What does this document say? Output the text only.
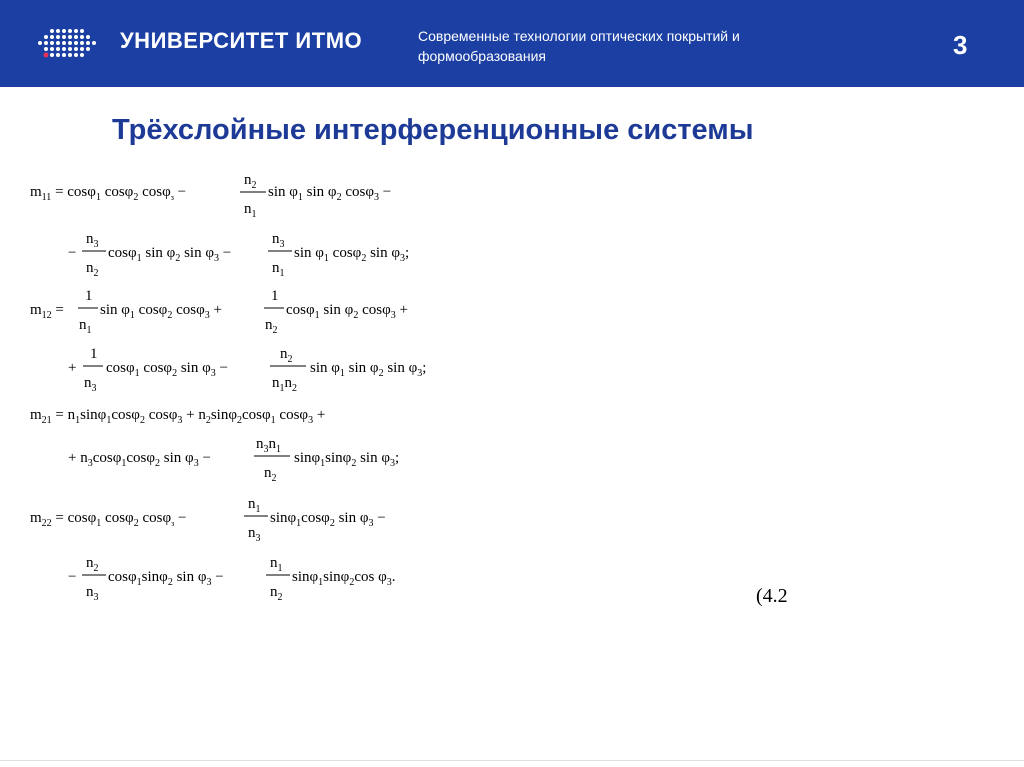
УНИВЕРСИТЕТ ИТМО	Современные технологии оптических покрытий и
формообразования	3
Трёхслойные интерференционные системы
$m_{11} = \cos\varphi_1$ cosφ$_2$ cosφ$_з$ −
$n_2$
$n_1$
$\sin \varphi_1$ $\sin \varphi_2$ cosφ$_3$ −
−
$n_3$
$n_2$
cosφ$_1$ $\sin \varphi_2$ $\sin \varphi_3$ −
$n_3$
$n_1$
$\sin \varphi_1$ cosφ$_2$ $\sin \varphi_3$;
$m_{12}$ =
1
$n_1$
$\sin \varphi_1$ cosφ$_2$ cosφ$_3$ +
1
$n_2$
cosφ$_1$ $\sin \varphi_2$ cosφ$_3$ +
+
1
$n_3$
cosφ$_1$ cosφ$_2$ $\sin \varphi_3$ −
$n_2$
$n_1n_2$
$\sin \varphi_1$ $\sin \varphi_2$ $\sin \varphi_3$;
$m_{21} = n_1\sin\varphi_1\cos\varphi_2$ $\cos\varphi_3 + n_2\sin\varphi_2\cos\varphi_1$ cosφ$_3$ +
+ $n_3\cos\varphi_1\cos\varphi_2$ $\sin \varphi_3$ −
$n_3n_1$
$n_2$
sinφ$_1$sinφ$_2$ $\sin \varphi_3$;
$m_{22} = \cos\varphi_1$ cosφ$_2$ cosφ$_з$ −
$n_1$
$n_3$
sinφ$_1$cosφ$_2$ $\sin \varphi_3$ −
−
$n_2$
$n_3$
cosφ$_1$sinφ$_2$ $\sin \varphi_3$ −
$n_1$
$n_2$
sinφ$_1$sinφ$_2$cos $\varphi_3$.
(4.2
